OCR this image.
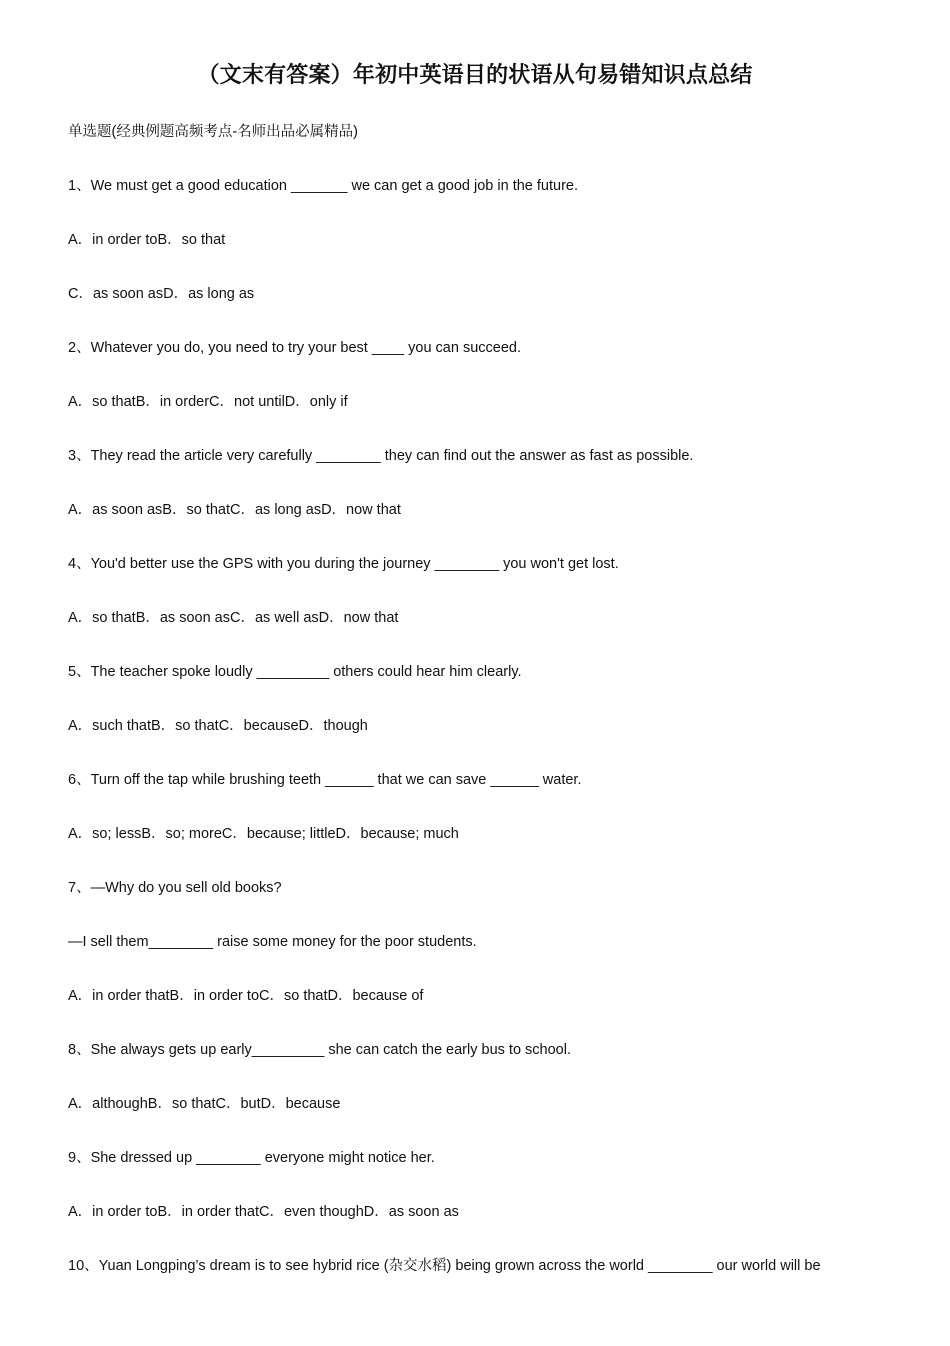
（文末有答案）年初中英语目的状语从句易错知识点总结
单选题(经典例题高频考点-名师出品必属精品)
1、We must get a good education _______ we can get a good job in the future.
A．in order toB．so that
C．as soon asD．as long as
2、Whatever you do, you need to try your best ____ you can succeed.
A．so thatB．in orderC．not untilD．only if
3、They read the article very carefully ________ they can find out the answer as fast as possible.
A．as soon asB．so thatC．as long asD．now that
4、You'd better use the GPS with you during the journey ________ you won't get lost.
A．so thatB．as soon asC．as well asD．now that
5、The teacher spoke loudly _________ others could hear him clearly.
A．such thatB．so thatC．becauseD．though
6、Turn off the tap while brushing teeth ______ that we can save ______ water.
A．so; lessB．so; moreC．because; littleD．because; much
7、—Why do you sell old books?
—I sell them________ raise some money for the poor students.
A．in order thatB．in order toC．so thatD．because of
8、She always gets up early_________ she can catch the early bus to school.
A．althoughB．so thatC．butD．because
9、She dressed up ________ everyone might notice her.
A．in order toB．in order thatC．even thoughD．as soon as
10、Yuan Longping’s dream is to see hybrid rice (杂交水稻) being grown across the world ________ our world will be
